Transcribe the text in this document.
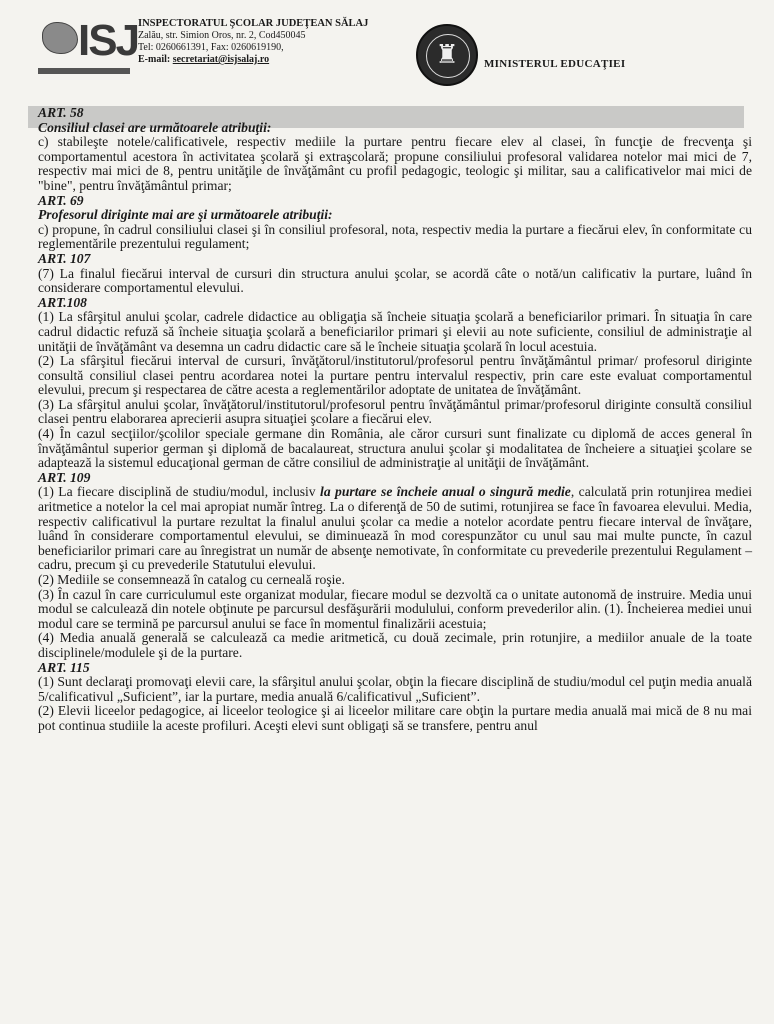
ISJ INSPECTORATUL ŞCOLAR JUDEŢEAN SĂLAJ
Zalău, str. Simion Oros, nr. 2, Cod450045
Tel: 0260661391, Fax: 0260619190,
E-mail: secretariat@isjsalaj.ro	♜	MINISTERUL EDUCAŢIEI

ART. 58

Consiliul clasei are următoarele atribuţii:

c) stabileşte notele/calificativele, respectiv mediile la purtare pentru fiecare elev al clasei, în funcţie de frecvenţa şi comportamentul acestora în activitatea şcolară şi extraşcolară; propune consiliului profesoral validarea notelor mai mici de 7, respectiv mai mici de 8, pentru unităţile de învăţământ cu profil pedagogic, teologic şi militar, sau a calificativelor mai mici de "bine", pentru învăţământul primar;

ART. 69

Profesorul diriginte mai are şi următoarele atribuţii:

c) propune, în cadrul consiliului clasei şi în consiliul profesoral, nota, respectiv media la purtare a fiecărui elev, în conformitate cu reglementările prezentului regulament;

ART. 107

(7) La finalul fiecărui interval de cursuri din structura anului şcolar, se acordă câte o notă/un calificativ la purtare, luând în considerare comportamentul elevului.

ART.108

(1) La sfârşitul anului şcolar, cadrele didactice au obligaţia să încheie situaţia şcolară a beneficiarilor primari. În situaţia în care cadrul didactic refuză să încheie situaţia şcolară a beneficiarilor primari şi elevii au note suficiente, consiliul de administraţie al unităţii de învăţământ va desemna un cadru didactic care să le încheie situaţia şcolară în locul acestuia.

(2) La sfârşitul fiecărui interval de cursuri, învăţătorul/institutorul/profesorul pentru învăţământul primar/ profesorul diriginte consultă consiliul clasei pentru acordarea notei la purtare pentru intervalul respectiv, prin care este evaluat comportamentul elevului, precum şi respectarea de către acesta a reglementărilor adoptate de unitatea de învăţământ.

(3) La sfârşitul anului şcolar, învăţătorul/institutorul/profesorul pentru învăţământul primar/profesorul diriginte consultă consiliul clasei pentru elaborarea aprecierii asupra situaţiei şcolare a fiecărui elev.

(4) În cazul secţiilor/şcolilor speciale germane din România, ale căror cursuri sunt finalizate cu diplomă de acces general în învăţământul superior german şi diplomă de bacalaureat, structura anului şcolar şi modalitatea de încheiere a situaţiei şcolare se adaptează la sistemul educaţional german de către consiliul de administraţie al unităţii de învăţământ.

ART. 109

(1) La fiecare disciplină de studiu/modul, inclusiv la purtare se încheie anual o singură medie, calculată prin rotunjirea mediei aritmetice a notelor la cel mai apropiat număr întreg. La o diferenţă de 50 de sutimi, rotunjirea se face în favoarea elevului. Media, respectiv calificativul la purtare rezultat la finalul anului şcolar ca medie a notelor acordate pentru fiecare interval de învăţare, luând în considerare comportamentul elevului, se diminuează în mod corespunzător cu unul sau mai multe puncte, în cazul beneficiarilor primari care au înregistrat un număr de absenţe nemotivate, în conformitate cu prevederile prezentului Regulament – cadru, precum şi cu prevederile Statutului elevului.

(2) Mediile se consemnează în catalog cu cerneală roşie.

(3) În cazul în care curriculumul este organizat modular, fiecare modul se dezvoltă ca o unitate autonomă de instruire. Media unui modul se calculează din notele obţinute pe parcursul desfăşurării modulului, conform prevederilor alin. (1). Încheierea mediei unui modul care se termină pe parcursul anului se face în momentul finalizării acestuia;

(4) Media anuală generală se calculează ca medie aritmetică, cu două zecimale, prin rotunjire, a mediilor anuale de la toate disciplinele/modulele şi de la purtare.

ART. 115

(1) Sunt declaraţi promovaţi elevii care, la sfârşitul anului şcolar, obţin la fiecare disciplină de studiu/modul cel puţin media anuală 5/calificativul „Suficient”, iar la purtare, media anuală 6/calificativul „Suficient”.

(2) Elevii liceelor pedagogice, ai liceelor teologice şi ai liceelor militare care obţin la purtare media anuală mai mică de 8 nu mai pot continua studiile la aceste profiluri. Aceşti elevi sunt obligaţi să se transfere, pentru anul
